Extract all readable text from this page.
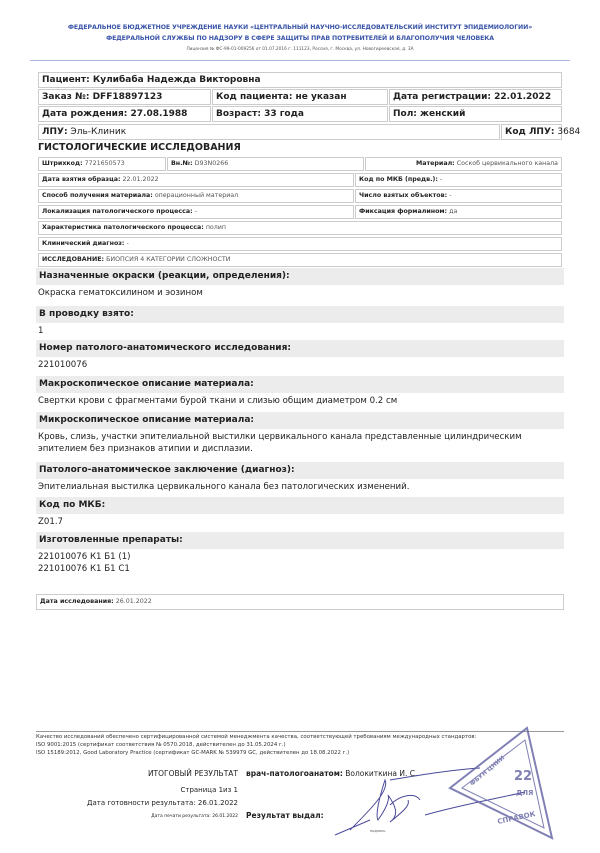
ФЕДЕРАЛЬНОЕ БЮДЖЕТНОЕ УЧРЕЖДЕНИЕ НАУКИ «ЦЕНТРАЛЬНЫЙ НАУЧНО-ИССЛЕДОВАТЕЛЬСКИЙ ИНСТИТУТ ЭПИДЕМИОЛОГИИ»
ФЕДЕРАЛЬНОЙ СЛУЖБЫ ПО НАДЗОРУ В СФЕРЕ ЗАЩИТЫ ПРАВ ПОТРЕБИТЕЛЕЙ И БЛАГОПОЛУЧИЯ ЧЕЛОВЕКА
Лицензия № ФС-99-01-009256 от 01.07.2016 г. 111123, Россия, г. Москва, ул. Новогиреевская, д. 3А
Пациент: Кулибаба Надежда Викторовна
Заказ №: DFF18897123	Код пациента: не указан	Дата регистрации: 22.01.2022
Дата рождения: 27.08.1988	Возраст: 33 года	Пол: женский
ЛПУ: Эль-Клиник	Код ЛПУ: 3684
ГИСТОЛОГИЧЕСКИЕ ИССЛЕДОВАНИЯ
Штрихкод: 7721650573	Вн.№: D93N0266	Материал: Соскоб цервикального канала
Дата взятия образца: 22.01.2022	Код по МКБ (предв.): -
Способ получения материала: операционный материал	Число взятых объектов: -
Локализация патологического процесса: -	Фиксация формалином: да
Характеристика патологического процесса: полип
Клинический диагноз: -
ИССЛЕДОВАНИЕ: БИОПСИЯ 4 КАТЕГОРИИ СЛОЖНОСТИ
Назначенные окраски (реакции, определения):
Окраска гематоксилином и эозином
В проводку взято:
1
Номер патолого-анатомического исследования:
221010076
Макроскопическое описание материала:
Свертки крови с фрагментами бурой ткани и слизью общим диаметром 0.2 см
Микроскопическое описание материала:
Кровь, слизь, участки эпителиальной выстилки цервикального канала представленные цилиндрическим эпителием без признаков атипии и дисплазии.
Патолого-анатомическое заключение (диагноз):
Эпителиальная выстилка цервикального канала без патологических изменений.
Код по МКБ:
Z01.7
Изготовленные препараты:
221010076 К1 Б1 (1)
221010076 К1 Б1 С1
Дата исследования: 26.01.2022
Качество исследований обеспечено сертифицированной системой менеджмента качества, соответствующей требованиям международных стандартов:
ISO 9001:2015 (сертификат соответствия № 0570.2018, действителен до 31.05.2024 г.)
ISO 15189:2012, Good Laboratory Practice (сертификат GC-MARK № 539979 GC, действителен до 18.08.2022 г.)
ИТОГОВЫЙ РЕЗУЛЬТАТ врач-патологоанатом: Волокиткина И. С.
Страница 1из 1
Дата готовности результата: 26.01.2022
Дата печати результата: 26.01.2022 Результат выдал:
подпись
22
ДЛЯ
СПРАВОК
ФБУН ЦНИИ
